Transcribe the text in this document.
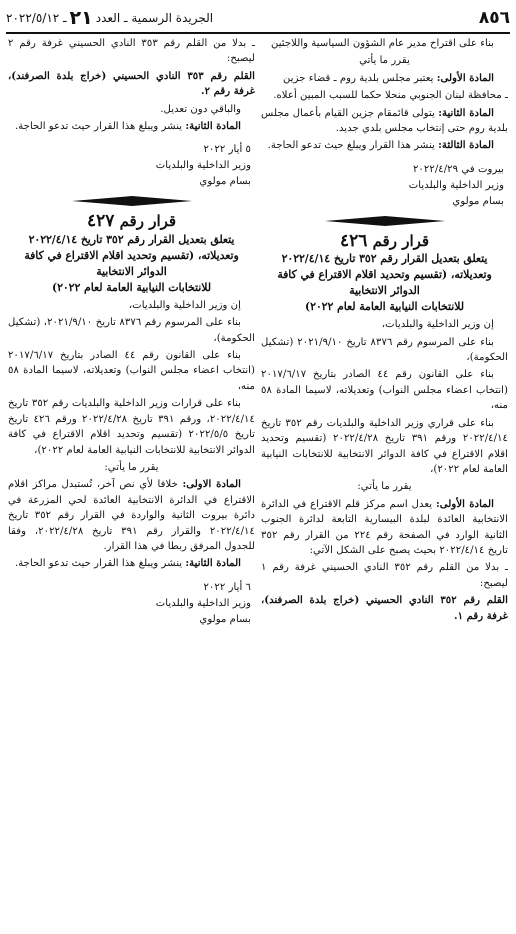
٨٥٦
الجريدة الرسمية ـ العدد
٢١
ـ ٢٠٢٢/٥/١٢

بناء على اقتراح مدير عام الشؤون السياسية واللاجئين

يقرر ما يأتي

المادة الأولى: يعتبر مجلس بلدية روم ـ قضاء جزين

ـ محافظة لبنان الجنوبي منحلا حكما للسبب المبين أعلاه.

المادة الثانية: يتولى قائمقام جزين القيام بأعمال مجلس بلدية روم حتى إنتخاب مجلس بلدي جديد.

المادة الثالثة: ينشر هذا القرار ويبلغ حيث تدعو الحاجة.

بيروت في ٢٠٢٢/٤/٢٩
وزير الداخلية والبلديات
بسام مولوي
قرار رقم ٤٢٦

يتعلق بتعديل القرار رقم ٣٥٢ تاريخ ٢٠٢٢/٤/١٤ وتعديلاته، (تقسيم وتحديد اقلام الاقتراع في كافة الدوائر الانتخابية
للانتخابات النيابية العامة لعام ٢٠٢٢)

إن وزير الداخلية والبلديات،

بناء على المرسوم رقم ٨٣٧٦ تاريخ ٢٠٢١/٩/١٠ (تشكيل الحكومة)،

بناء على القانون رقم ٤٤ الصادر بتاريخ ٢٠١٧/٦/١٧ (انتخاب اعضاء مجلس النواب) وتعديلاته، لاسيما المادة ٥٨ منه،

بناء على قراري وزير الداخلية والبلديات رقم ٣٥٢ تاريخ ٢٠٢٢/٤/١٤ ورقم ٣٩١ تاريخ ٢٠٢٢/٤/٢٨ (تقسيم وتحديد اقلام الاقتراع في كافة الدوائر الانتخابية للانتخابات النيابية العامة لعام ٢٠٢٢)،

يقرر ما يأتي:

المادة الأولى: يعدل اسم مركز قلم الاقتراع في الدائرة الانتخابية العائدة لبلدة البيسارية التابعة لدائرة الجنوب الثانية الوارد في الصفحة رقم ٢٢٤ من القرار رقم ٣٥٢ تاريخ ٢٠٢٢/٤/١٤ بحيث يصبح على الشكل الآتي:

ـ بدلا من القلم رقم ٣٥٢ النادي الحسيني غرفة رقم ١ ليصبح:

القلم رقم ٣٥٢ النادي الحسيني (خراج بلدة الصرفند)، غرفة رقم ١.

ـ بدلا من القلم رقم ٣٥٣ النادي الحسيني غرفة رقم ٢ ليصبح:

القلم رقم ٣٥٣ النادي الحسيني (خراج بلدة الصرفند)، غرفة رقم ٢.

والباقي دون تعديل.

المادة الثانية: ينشر ويبلغ هذا القرار حيث تدعو الحاجة.

٥ أيار ٢٠٢٢
وزير الداخلية والبلديات
بسام مولوي
قرار رقم ٤٢٧

يتعلق بتعديل القرار رقم ٣٥٢ تاريخ ٢٠٢٢/٤/١٤ وتعديلاته، (تقسيم وتحديد اقلام الاقتراع في كافة الدوائر الانتخابية
للانتخابات النيابية العامة لعام ٢٠٢٢)

إن وزير الداخلية والبلديات،

بناء على المرسوم رقم ٨٣٧٦ تاريخ ٢٠٢١/٩/١٠، (تشكيل الحكومة)،

بناء على القانون رقم ٤٤ الصادر بتاريخ ٢٠١٧/٦/١٧ (انتخاب اعضاء مجلس النواب) وتعديلاته، لاسيما المادة ٥٨ منه،

بناء على قرارات وزير الداخلية والبلديات رقم ٣٥٢ تاريخ ٢٠٢٢/٤/١٤، ورقم ٣٩١ تاريخ ٢٠٢٢/٤/٢٨ ورقم ٤٢٦ تاريخ تاريخ ٢٠٢٢/٥/٥ (تقسيم وتحديد اقلام الاقتراع في كافة الدوائر الانتخابية للانتخابات النيابية العامة لعام ٢٠٢٢)،

يقرر ما يأتي:

المادة الاولى: خلافا لأي نص آخر، تُستبدل مراكز اقلام الاقتراع في الدائرة الانتخابية العائدة لحي المزرعة في دائرة بيروت الثانية والواردة في القرار رقم ٣٥٢ تاريخ ٢٠٢٢/٤/١٤ والقرار رقم ٣٩١ تاريخ ٢٠٢٢/٤/٢٨، وفقا للجدول المرفق ربطا في هذا القرار.

المادة الثانية: ينشر ويبلغ هذا القرار حيث تدعو الحاجة.

٦ أيار ٢٠٢٢
وزير الداخلية والبلديات
بسام مولوي
